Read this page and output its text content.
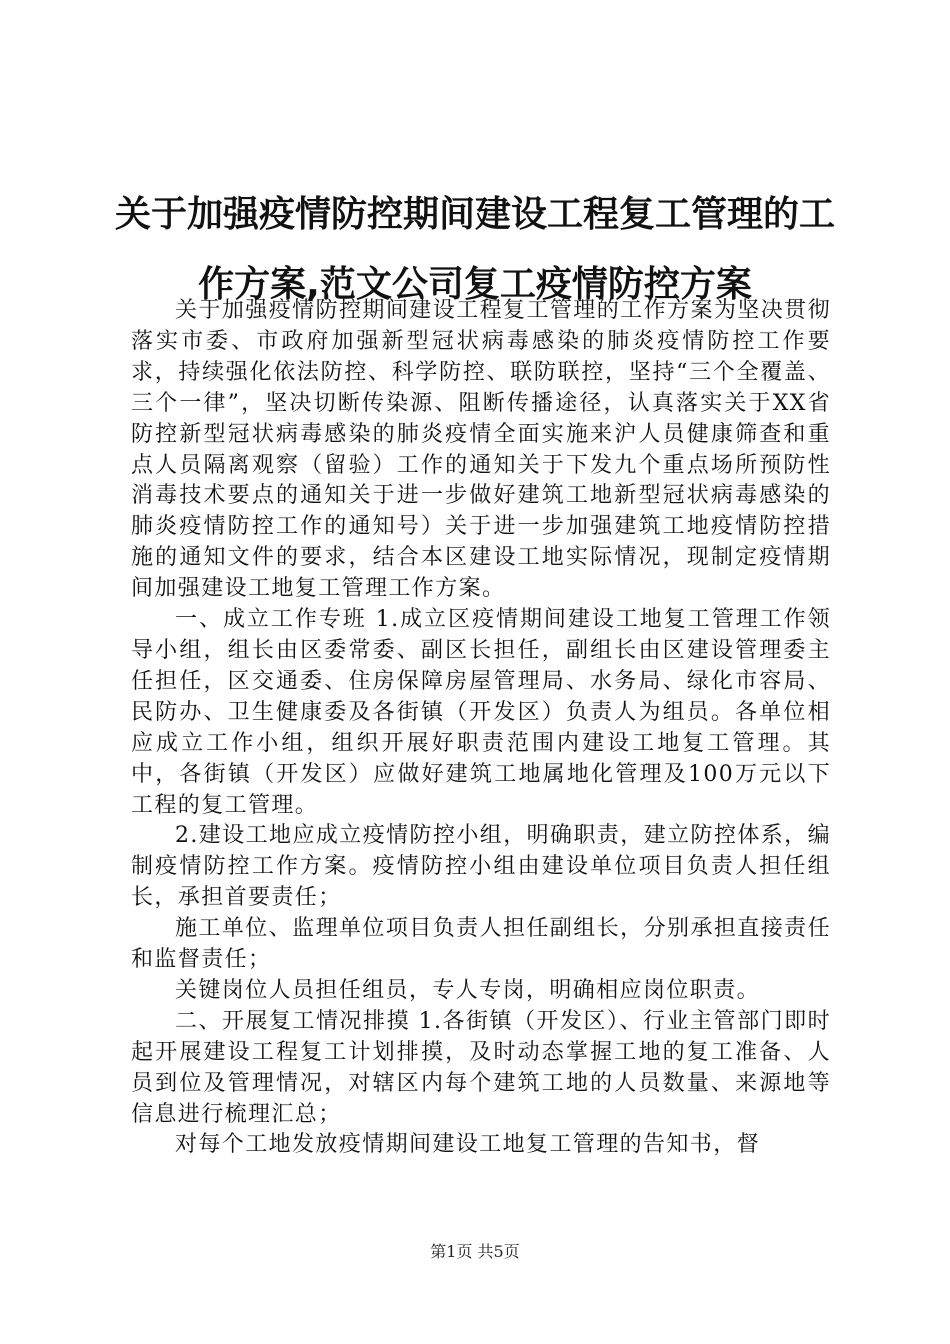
关于加强疫情防控期间建设工程复工管理的工作方案,范文公司复工疫情防控方案

关于加强疫情防控期间建设工程复工管理的工作方案为坚决贯彻落实市委、市政府加强新型冠状病毒感染的肺炎疫情防控工作要求，持续强化依法防控、科学防控、联防联控，坚持“三个全覆盖、三个一律”，坚决切断传染源、阻断传播途径，认真落实关于XX省防控新型冠状病毒感染的肺炎疫情全面实施来沪人员健康筛查和重点人员隔离观察（留验）工作的通知关于下发九个重点场所预防性消毒技术要点的通知关于进一步做好建筑工地新型冠状病毒感染的肺炎疫情防控工作的通知号）关于进一步加强建筑工地疫情防控措施的通知文件的要求，结合本区建设工地实际情况，现制定疫情期间加强建设工地复工管理工作方案。

一、成立工作专班 1.成立区疫情期间建设工地复工管理工作领导小组，组长由区委常委、副区长担任，副组长由区建设管理委主任担任，区交通委、住房保障房屋管理局、水务局、绿化市容局、民防办、卫生健康委及各街镇（开发区）负责人为组员。各单位相应成立工作小组，组织开展好职责范围内建设工地复工管理。其中，各街镇（开发区）应做好建筑工地属地化管理及100万元以下工程的复工管理。

2.建设工地应成立疫情防控小组，明确职责，建立防控体系，编制疫情防控工作方案。疫情防控小组由建设单位项目负责人担任组长，承担首要责任；

施工单位、监理单位项目负责人担任副组长，分别承担直接责任和监督责任；

关键岗位人员担任组员，专人专岗，明确相应岗位职责。

二、开展复工情况排摸 1.各街镇（开发区）、行业主管部门即时起开展建设工程复工计划排摸，及时动态掌握工地的复工准备、人员到位及管理情况，对辖区内每个建筑工地的人员数量、来源地等信息进行梳理汇总；

对每个工地发放疫情期间建设工地复工管理的告知书，督

第1页 共5页
